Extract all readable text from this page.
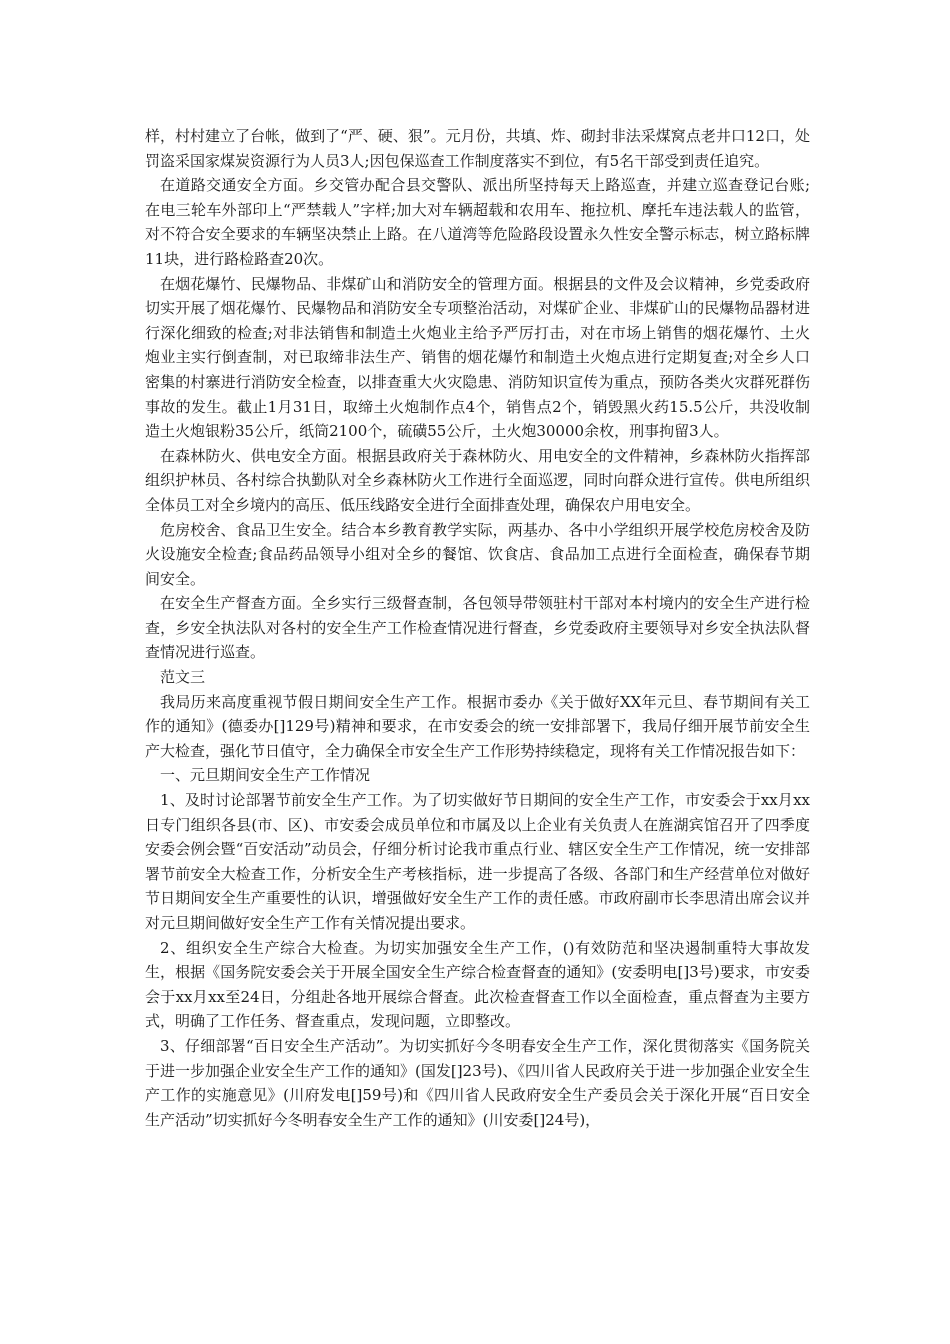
样，村村建立了台帐，做到了“严、硬、狠”。元月份，共填、炸、砌封非法采煤窝点老井口12口，处罚盗采国家煤炭资源行为人员3人;因包保巡查工作制度落实不到位，有5名干部受到责任追究。

在道路交通安全方面。乡交管办配合县交警队、派出所坚持每天上路巡查，并建立巡查登记台账;在电三轮车外部印上“严禁载人”字样;加大对车辆超载和农用车、拖拉机、摩托车违法载人的监管，对不符合安全要求的车辆坚决禁止上路。在八道湾等危险路段设置永久性安全警示标志，树立路标牌11块，进行路检路查20次。

在烟花爆竹、民爆物品、非煤矿山和消防安全的管理方面。根据县的文件及会议精神，乡党委政府切实开展了烟花爆竹、民爆物品和消防安全专项整治活动，对煤矿企业、非煤矿山的民爆物品器材进行深化细致的检查;对非法销售和制造土火炮业主给予严厉打击，对在市场上销售的烟花爆竹、土火炮业主实行倒查制，对已取缔非法生产、销售的烟花爆竹和制造土火炮点进行定期复查;对全乡人口密集的村寨进行消防安全检查，以排查重大火灾隐患、消防知识宣传为重点，预防各类火灾群死群伤事故的发生。截止1月31日，取缔土火炮制作点4个，销售点2个，销毁黑火药15.5公斤，共没收制造土火炮银粉35公斤，纸筒2100个，硫磺55公斤，土火炮30000余枚，刑事拘留3人。

在森林防火、供电安全方面。根据县政府关于森林防火、用电安全的文件精神，乡森林防火指挥部组织护林员、各村综合执勤队对全乡森林防火工作进行全面巡逻，同时向群众进行宣传。供电所组织全体员工对全乡境内的高压、低压线路安全进行全面排查处理，确保农户用电安全。

危房校舍、食品卫生安全。结合本乡教育教学实际，两基办、各中小学组织开展学校危房校舍及防火设施安全检查;食品药品领导小组对全乡的餐馆、饮食店、食品加工点进行全面检查，确保春节期间安全。

在安全生产督查方面。全乡实行三级督查制，各包领导带领驻村干部对本村境内的安全生产进行检查，乡安全执法队对各村的安全生产工作检查情况进行督查，乡党委政府主要领导对乡安全执法队督查情况进行巡查。

范文三

我局历来高度重视节假日期间安全生产工作。根据市委办《关于做好XX年元旦、春节期间有关工作的通知》(德委办[]129号)精神和要求，在市安委会的统一安排部署下，我局仔细开展节前安全生产大检查，强化节日值守，全力确保全市安全生产工作形势持续稳定，现将有关工作情况报告如下：

一、元旦期间安全生产工作情况

1、及时讨论部署节前安全生产工作。为了切实做好节日期间的安全生产工作，市安委会于xx月xx日专门组织各县(市、区)、市安委会成员单位和市属及以上企业有关负责人在旌湖宾馆召开了四季度安委会例会暨“百安活动”动员会，仔细分析讨论我市重点行业、辖区安全生产工作情况，统一安排部署节前安全大检查工作，分析安全生产考核指标，进一步提高了各级、各部门和生产经营单位对做好节日期间安全生产重要性的认识，增强做好安全生产工作的责任感。市政府副市长李思清出席会议并对元旦期间做好安全生产工作有关情况提出要求。

2、组织安全生产综合大检查。为切实加强安全生产工作，()有效防范和坚决遏制重特大事故发生，根据《国务院安委会关于开展全国安全生产综合检查督查的通知》(安委明电[]3号)要求，市安委会于xx月xx至24日，分组赴各地开展综合督查。此次检查督查工作以全面检查，重点督查为主要方式，明确了工作任务、督查重点，发现问题，立即整改。

3、仔细部署“百日安全生产活动”。为切实抓好今冬明春安全生产工作，深化贯彻落实《国务院关于进一步加强企业安全生产工作的通知》(国发[]23号)、《四川省人民政府关于进一步加强企业安全生产工作的实施意见》(川府发电[]59号)和《四川省人民政府安全生产委员会关于深化开展“百日安全生产活动”切实抓好今冬明春安全生产工作的通知》(川安委[]24号)，
